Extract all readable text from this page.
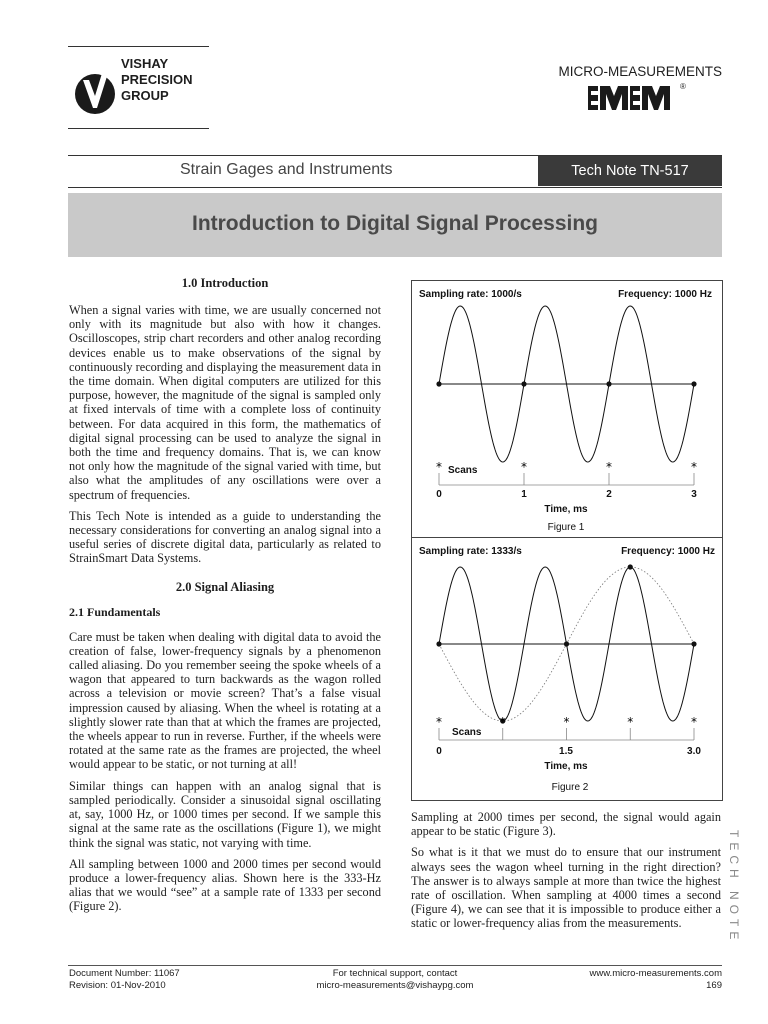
VISHAY
PRECISION
GROUP
MICRO-MEASUREMENTS
®
Strain Gages and Instruments	Tech Note TN-517
Introduction to Digital Signal Processing
1.0 Introduction

When a signal varies with time, we are usually concerned not only with its magnitude but also with how it changes. Oscilloscopes, strip chart recorders and other analog recording devices enable us to make observations of the signal by continuously recording and displaying the measurement data in the time domain. When digital computers are utilized for this purpose, however, the magnitude of the signal is sampled only at fixed intervals of time with a complete loss of continuity between. For data acquired in this form, the mathematics of digital signal processing can be used to analyze the signal in both the time and frequency domains. That is, we can know not only how the magnitude of the signal varied with time, but also what the amplitudes of any oscillations were over a spectrum of frequencies.

This Tech Note is intended as a guide to understanding the necessary considerations for converting an analog signal into a useful series of discrete digital data, particularly as related to StrainSmart Data Systems.

2.0 Signal Aliasing
2.1 Fundamentals

Care must be taken when dealing with digital data to avoid the creation of false, lower-frequency signals by a phenomenon called aliasing. Do you remember seeing the spoke wheels of a wagon that appeared to turn backwards as the wagon rolled across a television or movie screen? That’s a false visual impression caused by aliasing. When the wheel is rotating at a slightly slower rate than that at which the frames are projected, the wheels appear to run in reverse. Further, if the wheels were rotated at the same rate as the frames are projected, the wheel would appear to be static, or not turning at all!

Similar things can happen with an analog signal that is sampled periodically. Consider a sinusoidal signal oscillating at, say, 1000 Hz, or 1000 times per second. If we sample this signal at the same rate as the oscillations (Figure 1), we might think the signal was static, not varying with time.

All sampling between 1000 and 2000 times per second would produce a lower-frequency alias. Shown here is the 333-Hz alias that we would “see” at a sample rate of 1333 per second (Figure 2).

Sampling rate: 1000/s	Frequency: 1000 Hz
*	*	*	*
Scans
0	1	2	3
Time, ms
Figure 1
Sampling rate: 1333/s	Frequency: 1000 Hz
*	*	*	*	*
Scans
0	1.5	3.0
Time, ms
Figure 2

Sampling at 2000 times per second, the signal would again appear to be static (Figure 3).

So what is it that we must do to ensure that our instrument always sees the wagon wheel turning in the right direction? The answer is to always sample at more than twice the highest rate of oscillation. When sampling at 4000 times a second (Figure 4), we can see that it is impossible to produce either a static or lower-frequency alias from the measurements.	TECH NOTE
Document Number: 11067
Revision: 01-Nov-2010
For technical support, contact
micro-measurements@vishaypg.com
www.micro-measurements.com
169
